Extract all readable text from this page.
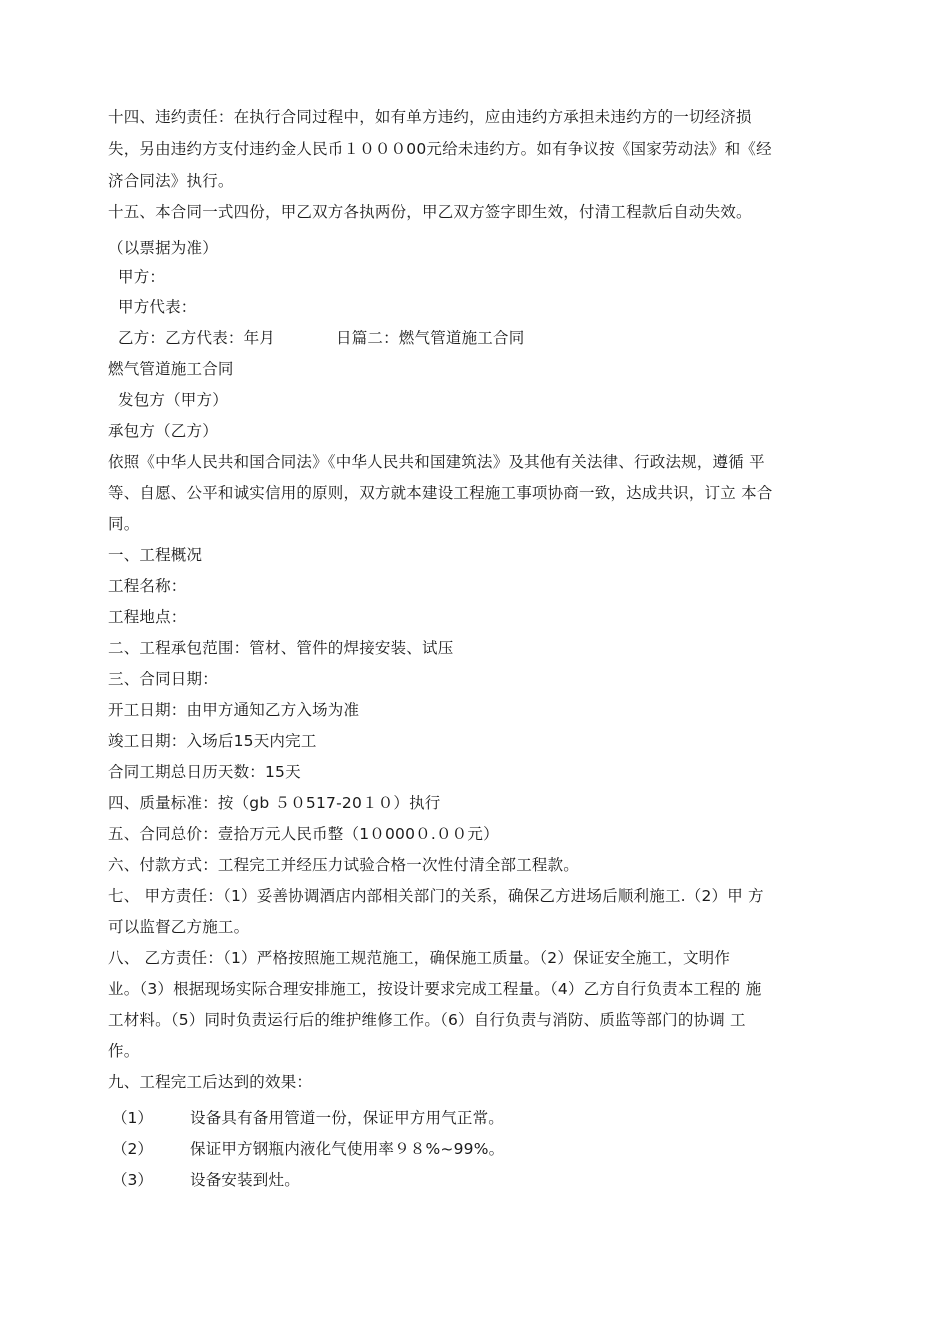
十四、违约责任：在执行合同过程中，如有单方违约，应由违约方承担未违约方的一切经济损
失，另由违约方支付违约金人民币１０００00元给未违约方。如有争议按《国家劳动法》和《经
济合同法》执行。
十五、本合同一式四份，甲乙双方各执两份，甲乙双方签字即生效，付清工程款后自动失效。
（以票据为准）
甲方：
甲方代表：
乙方：乙方代表：年月	日篇二：燃气管道施工合同
燃气管道施工合同
发包方（甲方）
承包方（乙方）
依照《中华人民共和国合同法》《中华人民共和国建筑法》及其他有关法律、行政法规，遵循 平
等、自愿、公平和诚实信用的原则，双方就本建设工程施工事项协商一致，达成共识，订立 本合
同。
一、工程概况
工程名称：
工程地点：
二、工程承包范围：管材、管件的焊接安装、试压
三、合同日期：
开工日期：由甲方通知乙方入场为准
竣工日期：入场后15天内完工
合同工期总日历天数：15天
四、质量标准：按（gb ５０517-20１０）执行
五、合同总价：壹拾万元人民币整（1０000０.００元）
六、付款方式：工程完工并经压力试验合格一次性付清全部工程款。
七、 甲方责任：（1）妥善协调酒店内部相关部门的关系，确保乙方进场后顺利施工.（2）甲 方
可以监督乙方施工。
八、 乙方责任：（1）严格按照施工规范施工，确保施工质量。（2）保证安全施工，文明作
业。（3）根据现场实际合理安排施工，按设计要求完成工程量。（4）乙方自行负责本工程的 施
工材料。（5）同时负责运行后的维护维修工作。（6）自行负责与消防、质监等部门的协调 工
作。
九、工程完工后达到的效果：
（1） 设备具有备用管道一份，保证甲方用气正常。
（2） 保证甲方钢瓶内液化气使用率９８%~99%。
（3） 设备安装到灶。
